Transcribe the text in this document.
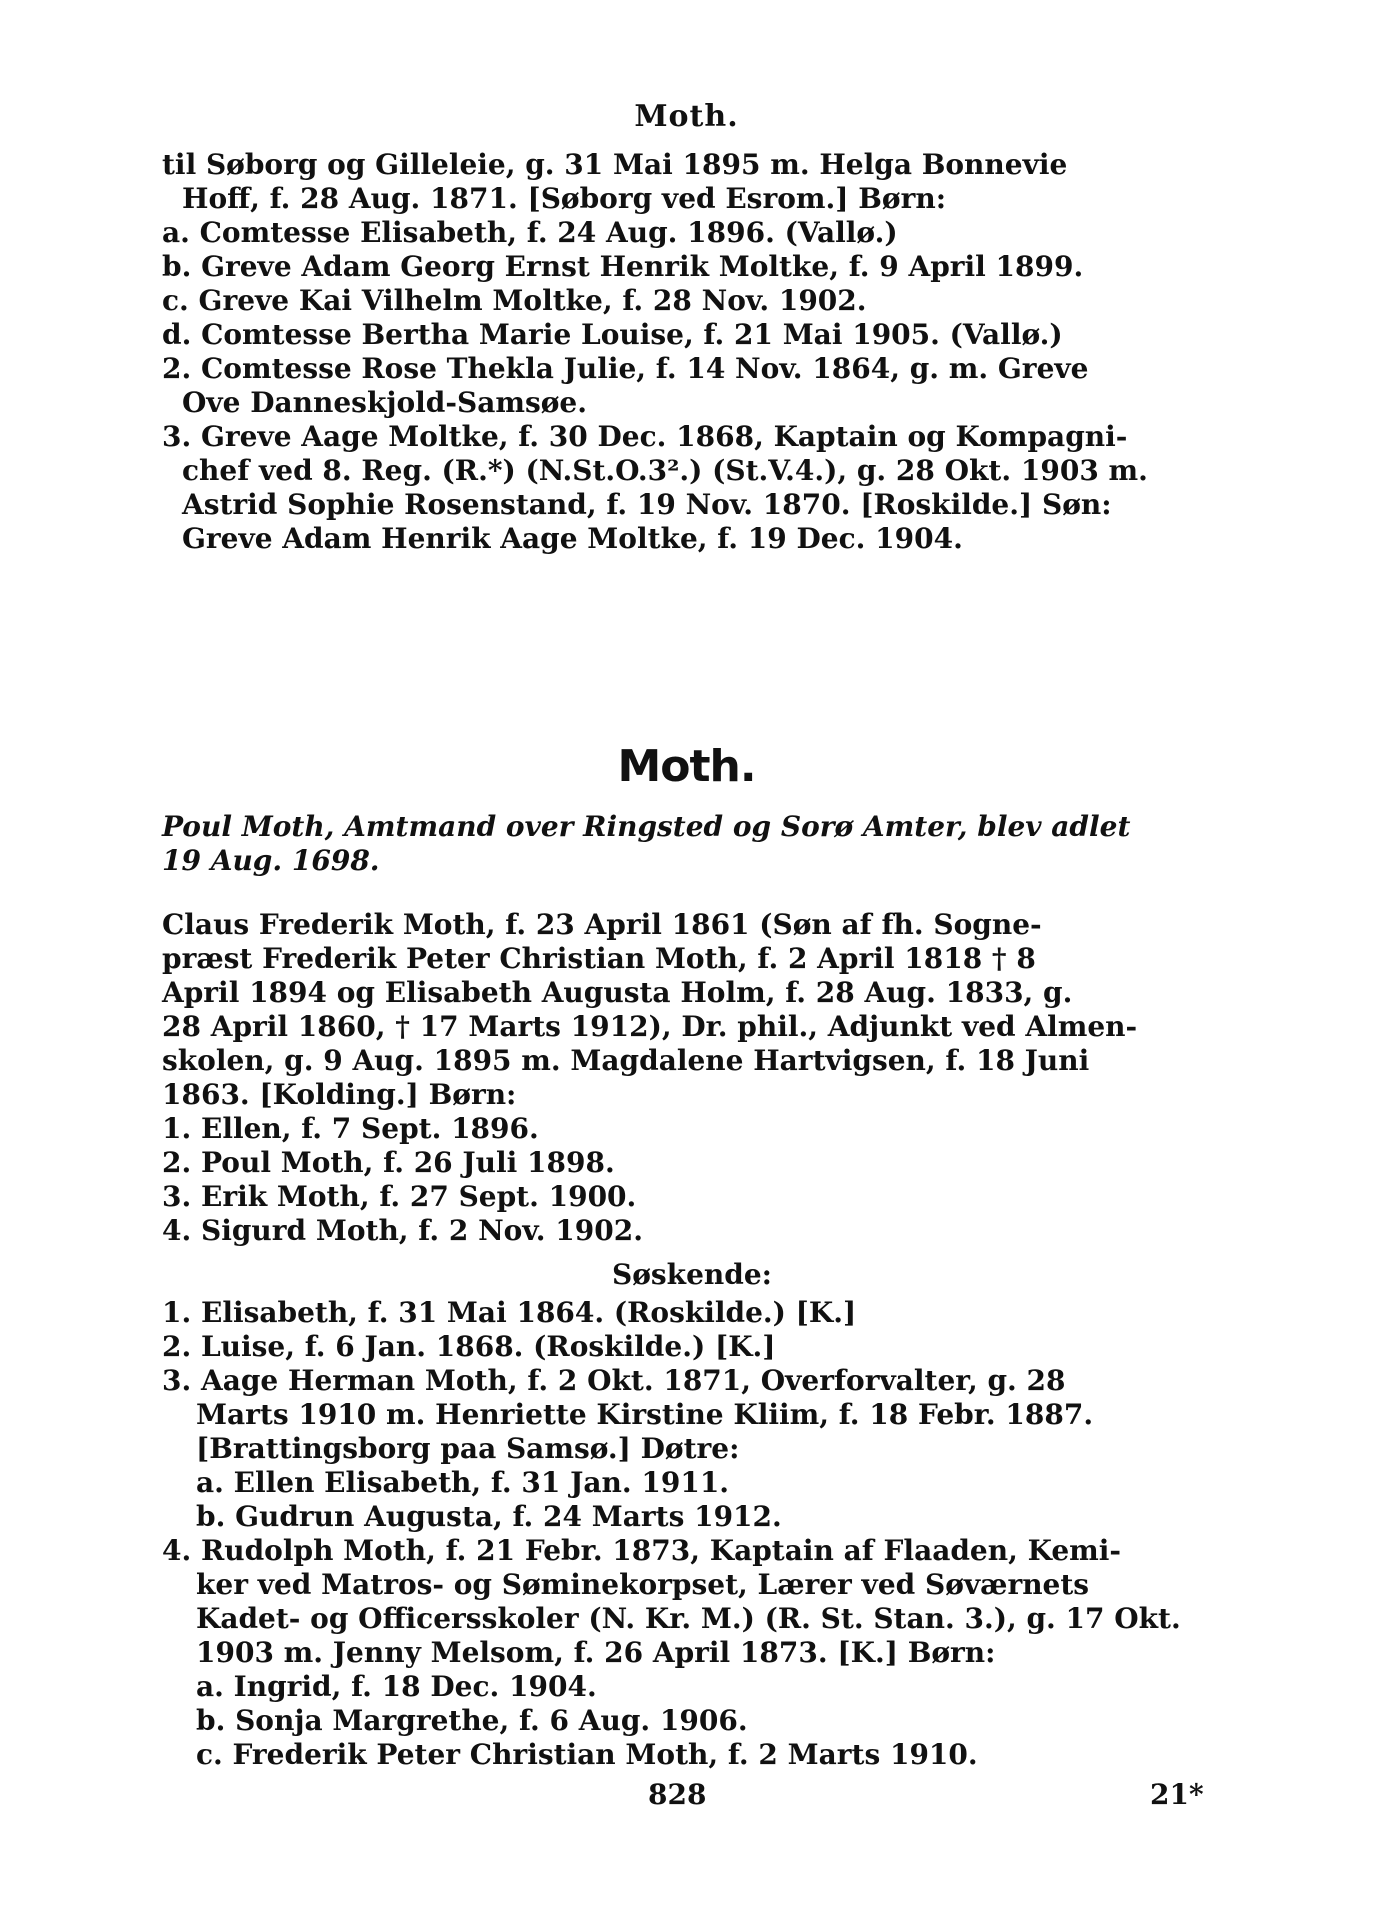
Moth.
til Søborg og Gilleleie, g. 31 Mai 1895 m. Helga Bonnevie
Hoff, f. 28 Aug. 1871. [Søborg ved Esrom.] Børn:
a. Comtesse Elisabeth, f. 24 Aug. 1896. (Vallø.)
b. Greve Adam Georg Ernst Henrik Moltke, f. 9 April 1899.
c. Greve Kai Vilhelm Moltke, f. 28 Nov. 1902.
d. Comtesse Bertha Marie Louise, f. 21 Mai 1905. (Vallø.)
2. Comtesse Rose Thekla Julie, f. 14 Nov. 1864, g. m. Greve
Ove Danneskjold-Samsøe.
3. Greve Aage Moltke, f. 30 Dec. 1868, Kaptain og Kompagni-
chef ved 8. Reg. (R.*) (N.St.O.3².) (St.V.4.), g. 28 Okt. 1903 m.
Astrid Sophie Rosenstand, f. 19 Nov. 1870. [Roskilde.] Søn:
Greve Adam Henrik Aage Moltke, f. 19 Dec. 1904.
Moth.
Poul Moth, Amtmand over Ringsted og Sorø Amter, blev adlet
19 Aug. 1698.
Claus Frederik Moth, f. 23 April 1861 (Søn af fh. Sogne-
præst Frederik Peter Christian Moth, f. 2 April 1818 † 8
April 1894 og Elisabeth Augusta Holm, f. 28 Aug. 1833, g.
28 April 1860, † 17 Marts 1912), Dr. phil., Adjunkt ved Almen-
skolen, g. 9 Aug. 1895 m. Magdalene Hartvigsen, f. 18 Juni
1863. [Kolding.] Børn:
1. Ellen, f. 7 Sept. 1896.
2. Poul Moth, f. 26 Juli 1898.
3. Erik Moth, f. 27 Sept. 1900.
4. Sigurd Moth, f. 2 Nov. 1902.
Søskende:
1. Elisabeth, f. 31 Mai 1864. (Roskilde.) [K.]
2. Luise, f. 6 Jan. 1868. (Roskilde.) [K.]
3. Aage Herman Moth, f. 2 Okt. 1871, Overforvalter, g. 28
Marts 1910 m. Henriette Kirstine Kliim, f. 18 Febr. 1887.
[Brattingsborg paa Samsø.] Døtre:
a. Ellen Elisabeth, f. 31 Jan. 1911.
b. Gudrun Augusta, f. 24 Marts 1912.
4. Rudolph Moth, f. 21 Febr. 1873, Kaptain af Flaaden, Kemi-
ker ved Matros- og Søminekorpset, Lærer ved Søværnets
Kadet- og Officersskoler (N. Kr. M.) (R. St. Stan. 3.), g. 17 Okt.
1903 m. Jenny Melsom, f. 26 April 1873. [K.] Børn:
a. Ingrid, f. 18 Dec. 1904.
b. Sonja Margrethe, f. 6 Aug. 1906.
c. Frederik Peter Christian Moth, f. 2 Marts 1910.
828	21*
